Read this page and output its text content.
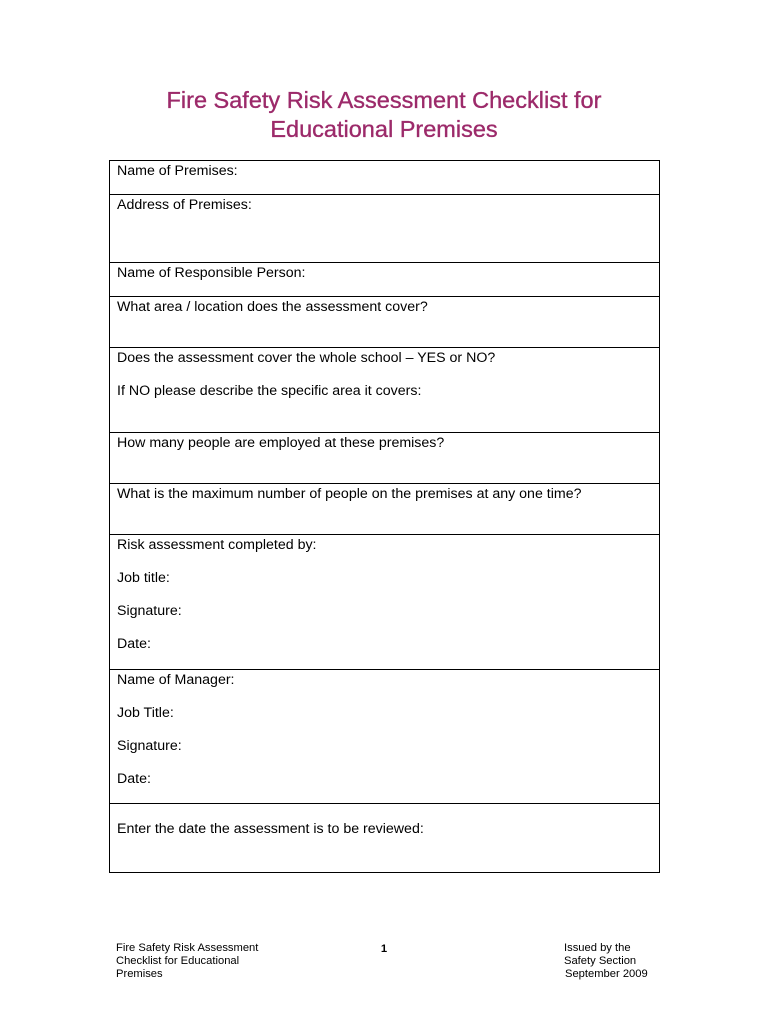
Fire Safety Risk Assessment Checklist for
Educational Premises
Name of Premises:

Address of Premises:

Name of Responsible Person:

What area / location does the assessment cover?

Does the assessment cover the whole school – YES or NO?
If NO please describe the specific area it covers:

How many people are employed at these premises?

What is the maximum number of people on the premises at any one time?

Risk assessment completed by:
Job title:
Signature:
Date:

Name of Manager:
Job Title:
Signature:
Date:

Enter the date the assessment is to be reviewed:
Fire Safety Risk Assessment
Checklist for Educational
Premises
1	Issued by the
Safety Section
September 2009
